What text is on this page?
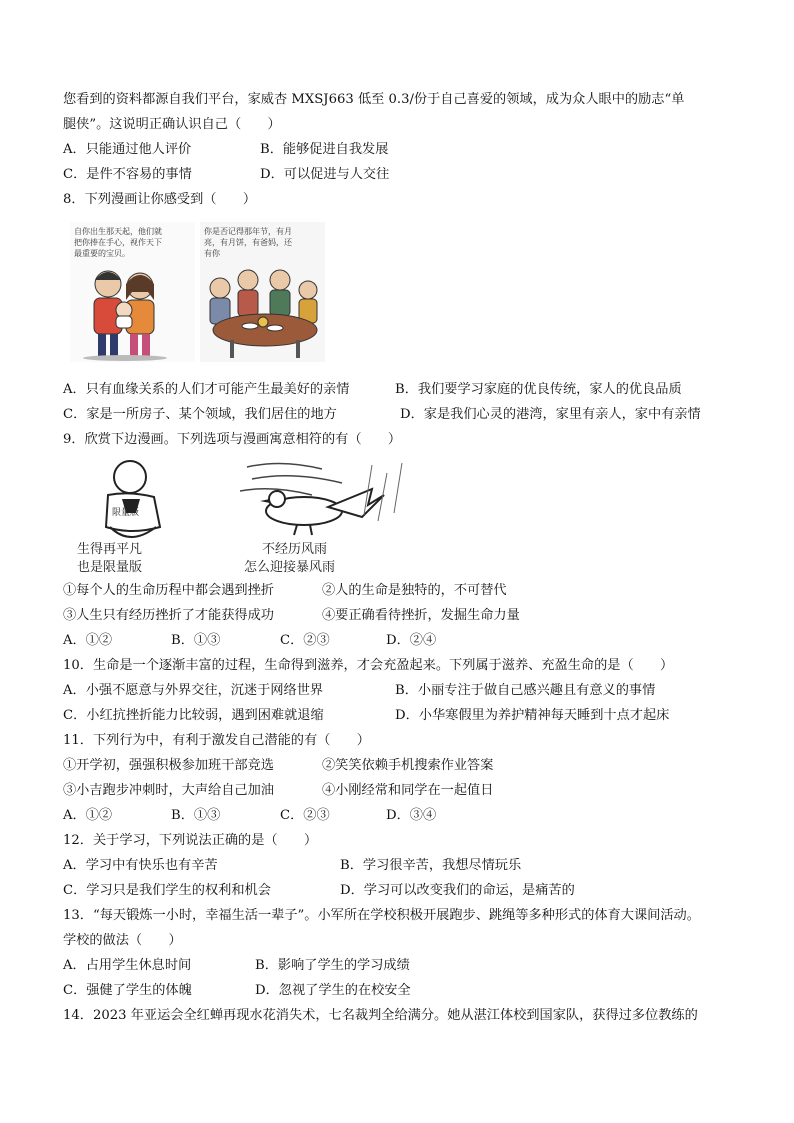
您看到的资料都源自我们平台，家威杏 MXSJ663 低至 0.3/份于自己喜爱的领域，成为众人眼中的励志“单
腿侠”。这说明正确认识自己（　　）
A．只能通过他人评价	B．能够促进自我发展
C．是件不容易的事情	D．可以促进与人交往
8．下列漫画让你感受到（　　）
自你出生那天起，他们就
把你捧在手心，视作天下
最重要的宝贝。
你是否记得那年节，有月
亮，有月饼，有爸妈，还
有你
A．只有血缘关系的人们才可能产生最美好的亲情	B．我们要学习家庭的优良传统，家人的优良品质
C．家是一所房子、某个领域，我们居住的地方	D．家是我们心灵的港湾，家里有亲人，家中有亲情
9．欣赏下边漫画。下列选项与漫画寓意相符的有（　　）
限量版
生得再平凡
也是限量版
不经历风雨
怎么迎接暴风雨
①每个人的生命历程中都会遇到挫折	②人的生命是独特的，不可替代
③人生只有经历挫折了才能获得成功	④要正确看待挫折，发掘生命力量
A．①②	B．①③	C．②③	D．②④
10．生命是一个逐渐丰富的过程，生命得到滋养，才会充盈起来。下列属于滋养、充盈生命的是（　　）
A．小强不愿意与外界交往，沉迷于网络世界	B．小丽专注于做自己感兴趣且有意义的事情
C．小红抗挫折能力比较弱，遇到困难就退缩	D．小华寒假里为养护精神每天睡到十点才起床
11．下列行为中，有利于激发自己潜能的有（　　）
①开学初，强强积极参加班干部竞选	②笑笑依赖手机搜索作业答案
③小吉跑步冲刺时，大声给自己加油	④小刚经常和同学在一起值日
A．①②	B．①③	C．②③	D．③④
12．关于学习，下列说法正确的是（　　）
A．学习中有快乐也有辛苦	B．学习很辛苦，我想尽情玩乐
C．学习只是我们学生的权利和机会	D．学习可以改变我们的命运，是痛苦的
13．“每天锻炼一小时，幸福生活一辈子”。小军所在学校积极开展跑步、跳绳等多种形式的体育大课间活动。
学校的做法（　　）
A．占用学生休息时间	B．影响了学生的学习成绩
C．强健了学生的体魄	D．忽视了学生的在校安全
14．2023 年亚运会全红蝉再现水花消失术，七名裁判全给满分。她从湛江体校到国家队，获得过多位教练的
